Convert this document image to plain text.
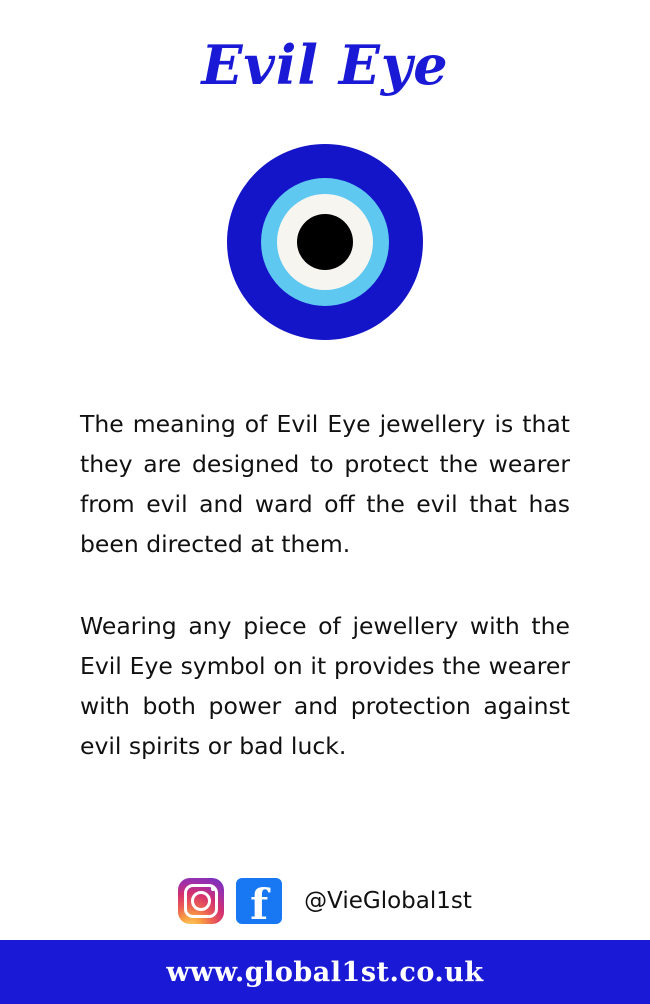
Evil Eye

The meaning of Evil Eye jewellery is that they are designed to protect the wearer from evil and ward off the evil that has been directed at them.

Wearing any piece of jewellery with the Evil Eye symbol on it provides the wearer with both power and protection against evil spirits or bad luck.

f	@VieGlobal1st
www.global1st.co.uk
